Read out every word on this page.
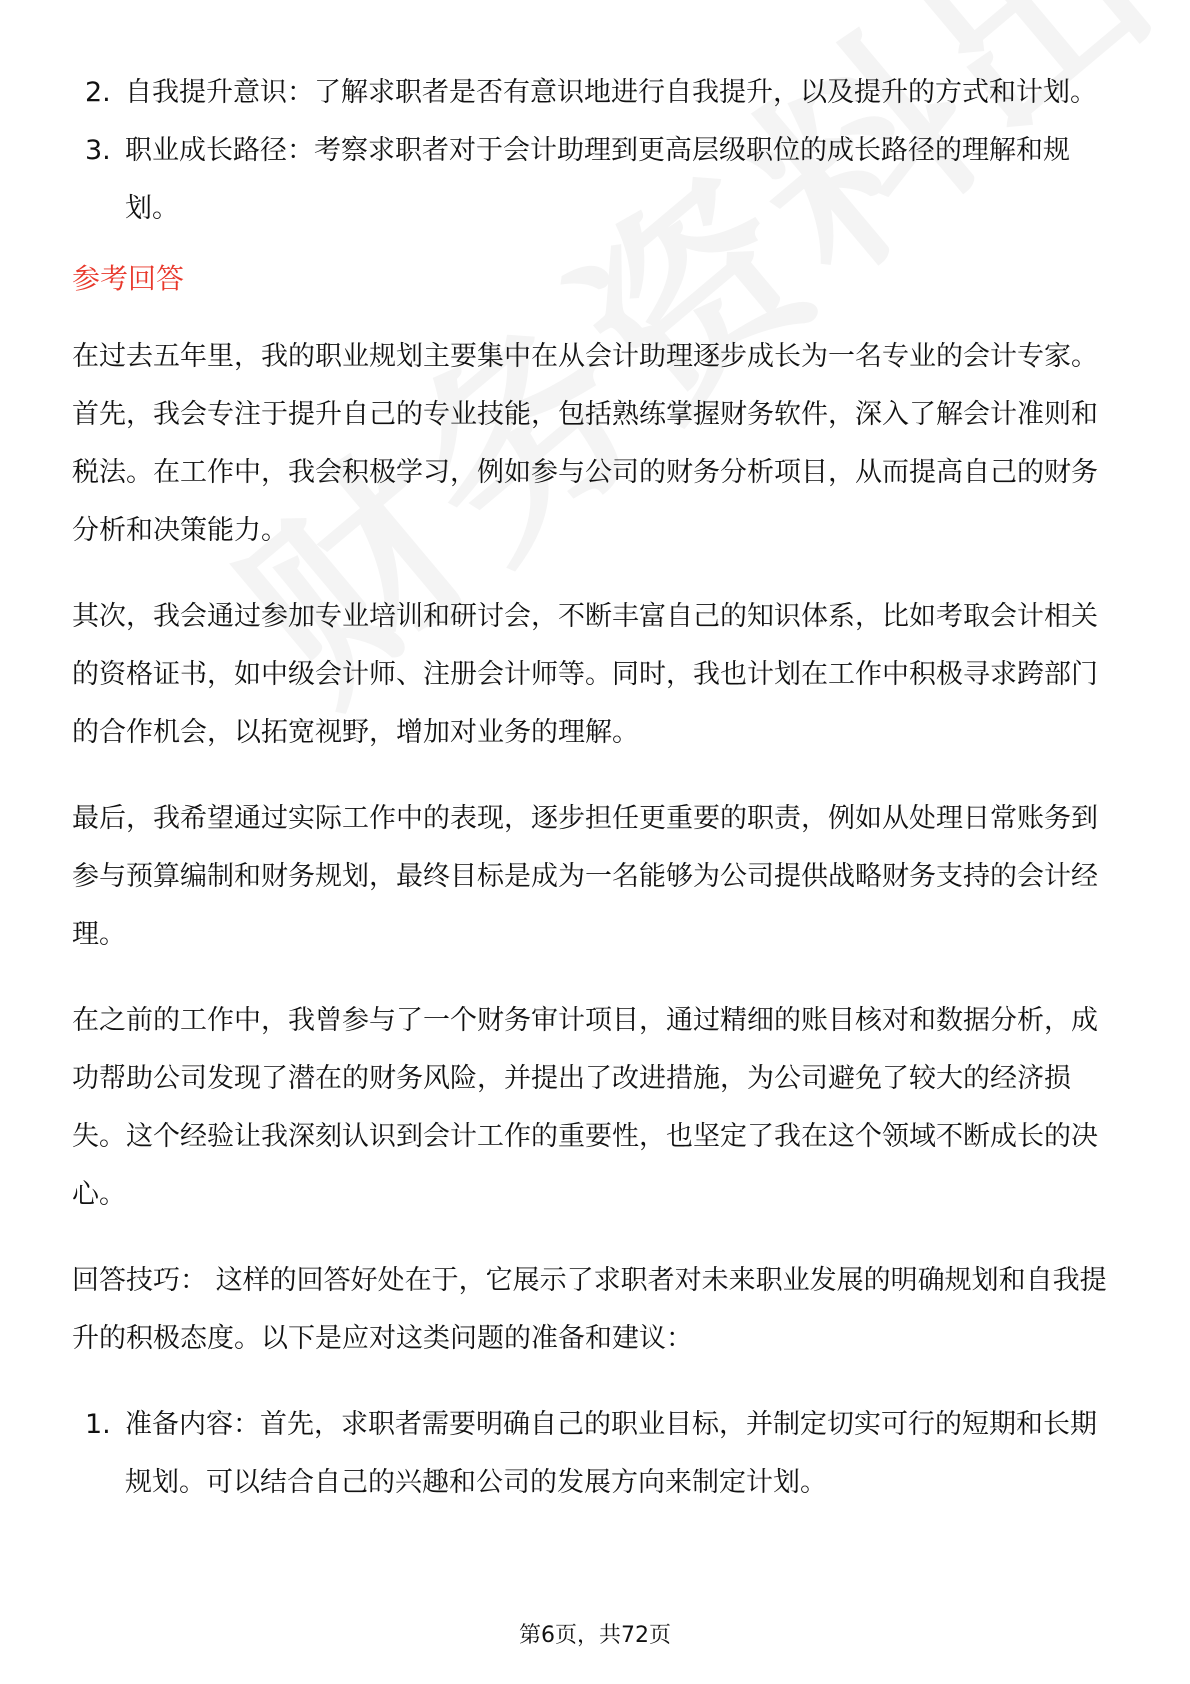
2. 自我提升意识：了解求职者是否有意识地进行自我提升，以及提升的方式和计划。
3. 职业成长路径：考察求职者对于会计助理到更高层级职位的成长路径的理解和规划。
参考回答

在过去五年里，我的职业规划主要集中在从会计助理逐步成长为一名专业的会计专家。首先，我会专注于提升自己的专业技能，包括熟练掌握财务软件，深入了解会计准则和税法。在工作中，我会积极学习，例如参与公司的财务分析项目，从而提高自己的财务分析和决策能力。

其次，我会通过参加专业培训和研讨会，不断丰富自己的知识体系，比如考取会计相关的资格证书，如中级会计师、注册会计师等。同时，我也计划在工作中积极寻求跨部门的合作机会，以拓宽视野，增加对业务的理解。

最后，我希望通过实际工作中的表现，逐步担任更重要的职责，例如从处理日常账务到参与预算编制和财务规划，最终目标是成为一名能够为公司提供战略财务支持的会计经理。

在之前的工作中，我曾参与了一个财务审计项目，通过精细的账目核对和数据分析，成功帮助公司发现了潜在的财务风险，并提出了改进措施，为公司避免了较大的经济损失。这个经验让我深刻认识到会计工作的重要性，也坚定了我在这个领域不断成长的决心。

回答技巧： 这样的回答好处在于，它展示了求职者对未来职业发展的明确规划和自我提升的积极态度。以下是应对这类问题的准备和建议：

1. 准备内容：首先，求职者需要明确自己的职业目标，并制定切实可行的短期和长期规划。可以结合自己的兴趣和公司的发展方向来制定计划。
第6页，共72页
